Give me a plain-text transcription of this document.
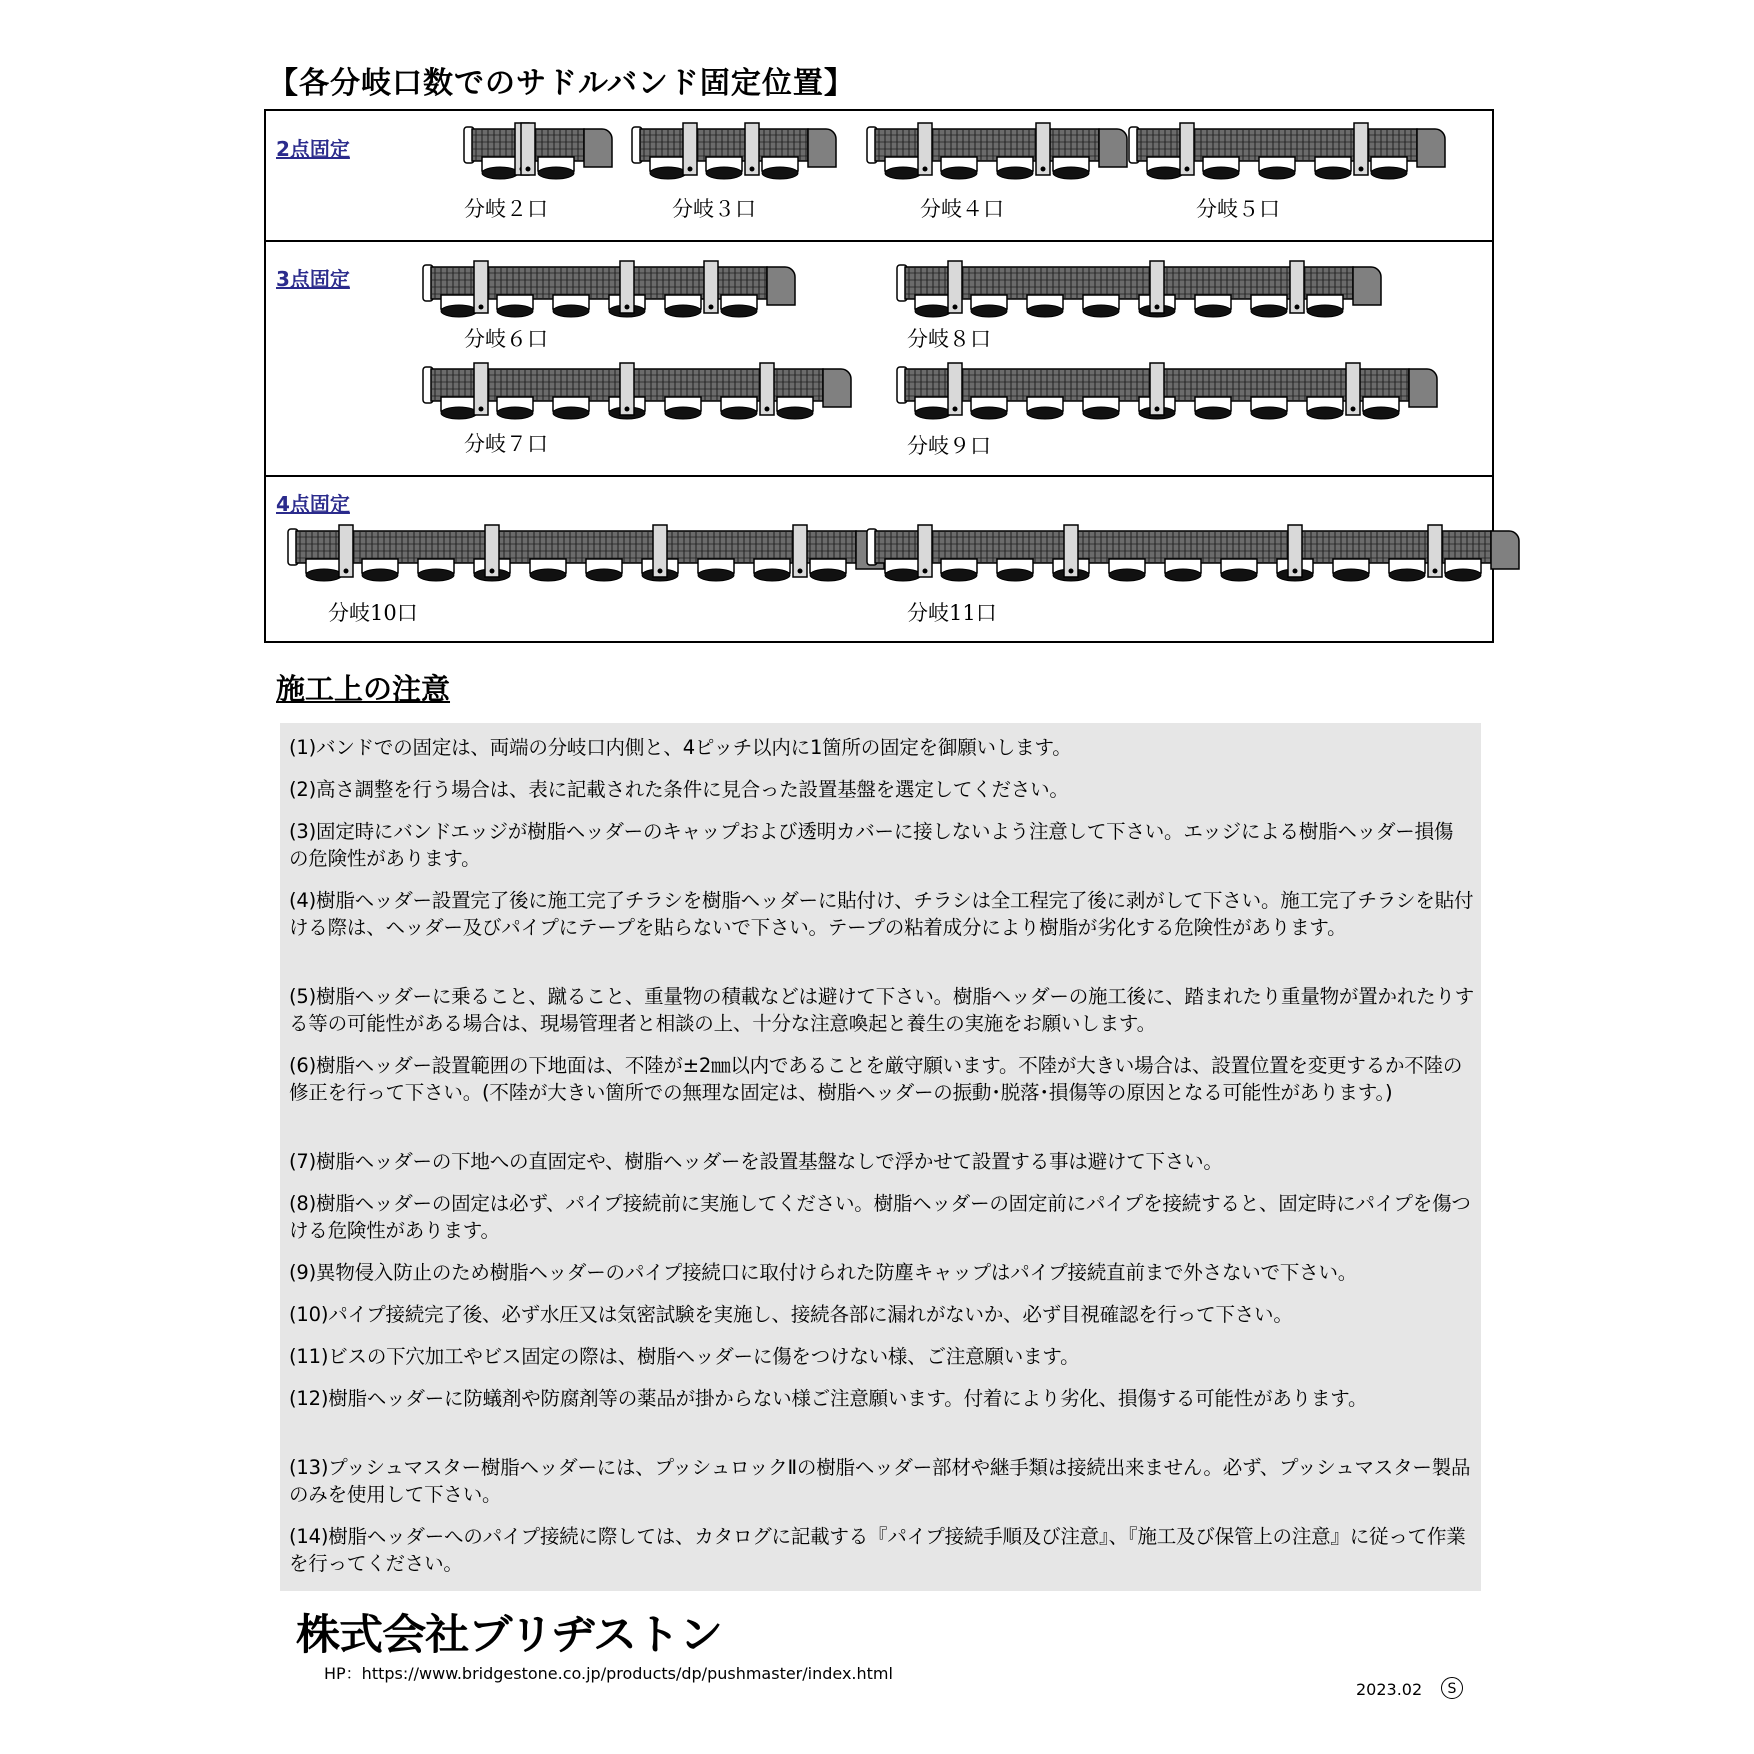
【各分岐口数でのサドルバンド固定位置】
2点固定
3点固定
4点固定
分岐２口	分岐３口	分岐４口	分岐５口
分岐６口	分岐８口
分岐７口	分岐９口
分岐10口	分岐11口
施工上の注意
(1)バンドでの固定は、両端の分岐口内側と、4ピッチ以内に1箇所の固定を御願いします。
(2)高さ調整を行う場合は、表に記載された条件に見合った設置基盤を選定してください。
(3)固定時にバンドエッジが樹脂ヘッダーのキャップおよび透明カバーに接しないよう注意して下さい。エッジによる樹脂ヘッダー損傷　の危険性があります。
(4)樹脂ヘッダー設置完了後に施工完了チラシを樹脂ヘッダーに貼付け、チラシは全工程完了後に剥がして下さい。施工完了チラシを貼付ける際は、ヘッダー及びパイプにテープを貼らないで下さい。テープの粘着成分により樹脂が劣化する危険性があります。
(5)樹脂ヘッダーに乗ること、蹴ること、重量物の積載などは避けて下さい。樹脂ヘッダーの施工後に、踏まれたり重量物が置かれたりする等の可能性がある場合は、現場管理者と相談の上、十分な注意喚起と養生の実施をお願いします。
(6)樹脂ヘッダー設置範囲の下地面は、不陸が±2㎜以内であることを厳守願います。不陸が大きい場合は、設置位置を変更するか不陸の修正を行って下さい。(不陸が大きい箇所での無理な固定は、樹脂ヘッダーの振動･脱落･損傷等の原因となる可能性があります。)
(7)樹脂ヘッダーの下地への直固定や、樹脂ヘッダーを設置基盤なしで浮かせて設置する事は避けて下さい。
(8)樹脂ヘッダーの固定は必ず、パイプ接続前に実施してください。樹脂ヘッダーの固定前にパイプを接続すると、固定時にパイプを傷つける危険性があります。
(9)異物侵入防止のため樹脂ヘッダーのパイプ接続口に取付けられた防塵キャップはパイプ接続直前まで外さないで下さい。
(10)パイプ接続完了後、必ず水圧又は気密試験を実施し、接続各部に漏れがないか、必ず目視確認を行って下さい。
(11)ビスの下穴加工やビス固定の際は、樹脂ヘッダーに傷をつけない様、ご注意願います。
(12)樹脂ヘッダーに防蟻剤や防腐剤等の薬品が掛からない様ご注意願います。付着により劣化、損傷する可能性があります。
(13)プッシュマスター樹脂ヘッダーには、プッシュロックⅡの樹脂ヘッダー部材や継手類は接続出来ません。必ず、プッシュマスター製品のみを使用して下さい。
(14)樹脂ヘッダーへのパイプ接続に際しては、カタログに記載する『パイプ接続手順及び注意』、『施工及び保管上の注意』に従って作業を行ってください。
株式会社ブリヂストン
HP：https://www.bridgestone.co.jp/products/dp/pushmaster/index.html
2023.02	S
